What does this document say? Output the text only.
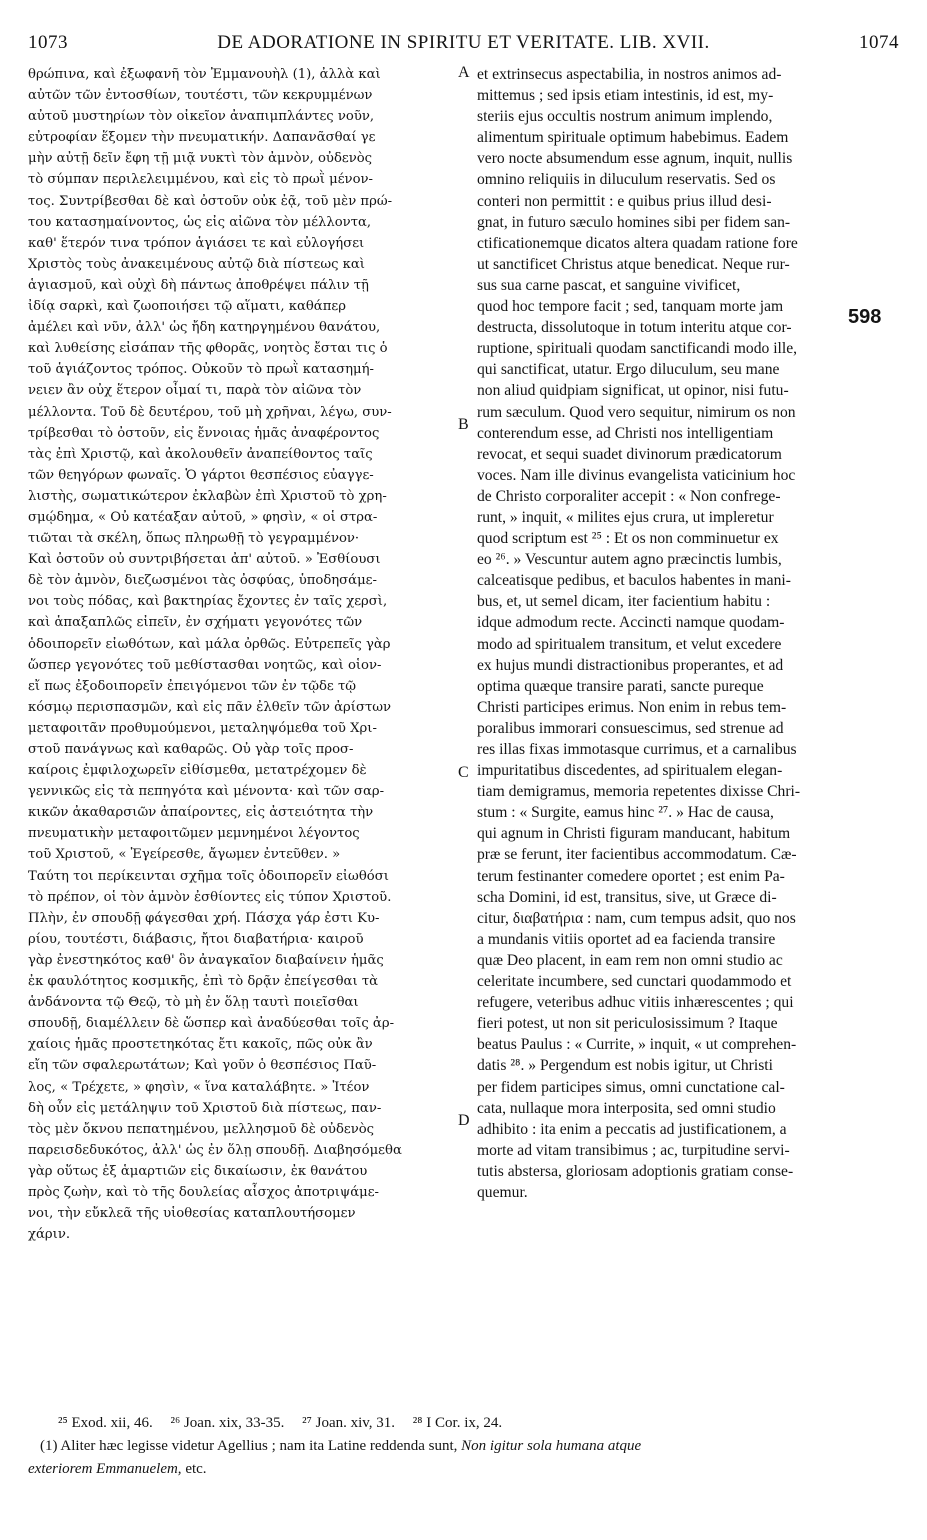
1073	DE ADORATIONE IN SPIRITU ET VERITATE. LIB. XVII.	1074
θρώπινα, καὶ ἐξωφανῆ τὸν Ἐμμανουὴλ (1), ἀλλὰ καὶ
αὐτῶν τῶν ἐντοσθίων, τουτέστι, τῶν κεκρυμμένων
αὐτοῦ μυστηρίων τὸν οἰκεῖον ἀναπιμπλάντες νοῦν,
εὐτροφίαν ἕξομεν τὴν πνευματικήν. Δαπανᾶσθαί γε
μὴν αὐτῇ δεῖν ἔφη τῇ μιᾷ νυκτὶ τὸν ἀμνὸν, οὐδενὸς
τὸ σύμπαν περιλελειμμένου, καὶ εἰς τὸ πρωῒ μένον-
τος. Συντρίβεσθαι δὲ καὶ ὀστοῦν οὐκ ἐᾷ, τοῦ μὲν πρώ-
του κατασημαίνοντος, ὡς εἰς αἰῶνα τὸν μέλλοντα,
καθ' ἕτερόν τινα τρόπον ἁγιάσει τε καὶ εὐλογήσει
Χριστὸς τοὺς ἀνακειμένους αὐτῷ διὰ πίστεως καὶ
ἁγιασμοῦ, καὶ οὐχὶ δὴ πάντως ἀποθρέψει πάλιν τῇ
ἰδίᾳ σαρκὶ, καὶ ζωοποιήσει τῷ αἵματι, καθάπερ
ἀμέλει καὶ νῦν, ἀλλ' ὡς ἤδη κατηργημένου θανάτου,
καὶ λυθείσης εἰσάπαν τῆς φθορᾶς, νοητὸς ἔσται τις ὁ
τοῦ ἁγιάζοντος τρόπος. Οὐκοῦν τὸ πρωῒ κατασημή-
νειεν ἂν οὐχ ἕτερον οἶμαί τι, παρὰ τὸν αἰῶνα τὸν
μέλλοντα. Τοῦ δὲ δευτέρου, τοῦ μὴ χρῆναι, λέγω, συν-
τρίβεσθαι τὸ ὀστοῦν, εἰς ἔννοιας ἡμᾶς ἀναφέροντος
τὰς ἐπὶ Χριστῷ, καὶ ἀκολουθεῖν ἀναπείθοντος ταῖς
τῶν θεηγόρων φωναῖς. Ὁ γάρτοι θεσπέσιος εὐαγγε-
λιστὴς, σωματικώτερον ἐκλαβὼν ἐπὶ Χριστοῦ τὸ χρη-
σμῴδημα, « Οὐ κατέαξαν αὐτοῦ, » φησὶν, « οἱ στρα-
τιῶται τὰ σκέλη, ὅπως πληρωθῇ τὸ γεγραμμένον·
Καὶ ὀστοῦν οὐ συντριβήσεται ἀπ' αὐτοῦ. » Ἐσθίουσι
δὲ τὸν ἀμνὸν, διεζωσμένοι τὰς ὀσφύας, ὑποδησάμε-
νοι τοὺς πόδας, καὶ βακτηρίας ἔχοντες ἐν ταῖς χερσὶ,
καὶ ἁπαξαπλῶς εἰπεῖν, ἐν σχήματι γεγονότες τῶν
ὁδοιπορεῖν εἰωθότων, καὶ μάλα ὀρθῶς. Εὐτρεπεῖς γὰρ
ὥσπερ γεγονότες τοῦ μεθίστασθαι νοητῶς, καὶ οἱον-
εἴ πως ἐξοδοιπορεῖν ἐπειγόμενοι τῶν ἐν τῷδε τῷ
κόσμῳ περισπασμῶν, καὶ εἰς πᾶν ἐλθεῖν τῶν ἀρίστων
μεταφοιτᾶν προθυμούμενοι, μεταληψόμεθα τοῦ Χρι-
στοῦ πανάγνως καὶ καθαρῶς. Οὐ γὰρ τοῖς προσ-
καίροις ἐμφιλοχωρεῖν εἰθίσμεθα, μετατρέχομεν δὲ
γεννικῶς εἰς τὰ πεπηγότα καὶ μένοντα· καὶ τῶν σαρ-
κικῶν ἀκαθαρσιῶν ἀπαίροντες, εἰς ἀστειότητα τὴν
πνευματικὴν μεταφοιτῶμεν μεμνημένοι λέγοντος
τοῦ Χριστοῦ, « Ἐγείρεσθε, ἄγωμεν ἐντεῦθεν. »
Ταύτη τοι περίκεινται σχῆμα τοῖς ὁδοιπορεῖν εἰωθόσι
τὸ πρέπον, οἱ τὸν ἀμνὸν ἐσθίοντες εἰς τύπον Χριστοῦ.
Πλὴν, ἐν σπουδῇ φάγεσθαι χρή. Πάσχα γάρ ἐστι Κυ-
ρίου, τουτέστι, διάβασις, ἤτοι διαβατήρια· καιροῦ
γὰρ ἐνεστηκότος καθ' ὃν ἀναγκαῖον διαβαίνειν ἡμᾶς
ἐκ φαυλότητος κοσμικῆς, ἐπὶ τὸ δρᾷν ἐπείγεσθαι τὰ
ἁνδάνοντα τῷ Θεῷ, τὸ μὴ ἐν ὅλῃ ταυτὶ ποιεῖσθαι
σπουδῇ, διαμέλλειν δὲ ὥσπερ καὶ ἀναδύεσθαι τοῖς ἀρ-
χαίοις ἡμᾶς προστετηκότας ἔτι κακοῖς, πῶς οὐκ ἂν
εἴη τῶν σφαλερωτάτων; Καὶ γοῦν ὁ θεσπέσιος Παῦ-
λος, « Τρέχετε, » φησὶν, « ἵνα καταλάβητε. » Ἰτέον
δὴ οὖν εἰς μετάληψιν τοῦ Χριστοῦ διὰ πίστεως, παν-
τὸς μὲν ὄκνου πεπατημένου, μελλησμοῦ δὲ οὐδενὸς
παρεισδεδυκότος, ἀλλ' ὡς ἐν ὅλῃ σπουδῇ. Διαβησόμεθα
γὰρ οὕτως ἐξ ἁμαρτιῶν εἰς δικαίωσιν, ἐκ θανάτου
πρὸς ζωὴν, καὶ τὸ τῆς δουλείας αἶσχος ἀποτριψάμε-
νοι, τὴν εὔκλεᾶ τῆς υἱοθεσίας καταπλουτήσομεν
χάριν.
et extrinsecus aspectabilia, in nostros animos ad-
mittemus ; sed ipsis etiam intestinis, id est, my-
steriis ejus occultis nostrum animum implendo,
alimentum spirituale optimum habebimus. Eadem
vero nocte absumendum esse agnum, inquit, nullis
omnino reliquiis in diluculum reservatis. Sed os
conteri non permittit : e quibus prius illud desi-
gnat, in futuro sæculo homines sibi per fidem san-
ctificationemque dicatos altera quadam ratione fore
ut sanctificet Christus atque benedicat. Neque rur-
sus sua carne pascat, et sanguine vivificet,
quod hoc tempore facit ; sed, tanquam morte jam
destructa, dissolutoque in totum interitu atque cor-
ruptione, spirituali quodam sanctificandi modo ille,
qui sanctificat, utatur. Ergo diluculum, seu mane
non aliud quidpiam significat, ut opinor, nisi futu-
rum sæculum. Quod vero sequitur, nimirum os non
conterendum esse, ad Christi nos intelligentiam
revocat, et sequi suadet divinorum prædicatorum
voces. Nam ille divinus evangelista vaticinium hoc
de Christo corporaliter accepit : « Non confrege-
runt, » inquit, « milites ejus crura, ut impleretur
quod scriptum est ²⁵ : Et os non comminuetur ex
eo ²⁶. » Vescuntur autem agno præcinctis lumbis,
calceatisque pedibus, et baculos habentes in mani-
bus, et, ut semel dicam, iter facientium habitu :
idque admodum recte. Accincti namque quodam-
modo ad spiritualem transitum, et velut excedere
ex hujus mundi distractionibus properantes, et ad
optima quæque transire parati, sancte pureque
Christi participes erimus. Non enim in rebus tem-
poralibus immorari consuescimus, sed strenue ad
res illas fixas immotasque currimus, et a carnalibus
impuritatibus discedentes, ad spiritualem elegan-
tiam demigramus, memoria repetentes dixisse Chri-
stum : « Surgite, eamus hinc ²⁷. » Hac de causa,
qui agnum in Christi figuram manducant, habitum
præ se ferunt, iter facientibus accommodatum. Cæ-
terum festinanter comedere oportet ; est enim Pa-
scha Domini, id est, transitus, sive, ut Græce di-
citur, διαβατήρια : nam, cum tempus adsit, quo nos
a mundanis vitiis oportet ad ea facienda transire
quæ Deo placent, in eam rem non omni studio ac
celeritate incumbere, sed cunctari quodammodo et
refugere, veteribus adhuc vitiis inhærescentes ; qui
fieri potest, ut non sit periculosissimum ? Itaque
beatus Paulus : « Currite, » inquit, « ut comprehen-
datis ²⁸. » Pergendum est nobis igitur, ut Christi
per fidem participes simus, omni cunctatione cal-
cata, nullaque mora interposita, sed omni studio
adhibito : ita enim a peccatis ad justificationem, a
morte ad vitam transibimus ; ac, turpitudine servi-
tutis abstersa, gloriosam adoptionis gratiam conse-
quemur.
A
B
C
D
598
²⁵ Exod. xii, 46. ²⁶ Joan. xix, 33-35. ²⁷ Joan. xiv, 31. ²⁸ I Cor. ix, 24.
(1) Aliter hæc legisse videtur Agellius ; nam ita Latine reddenda sunt, Non igitur sola humana atque
exteriorem Emmanuelem, etc.
